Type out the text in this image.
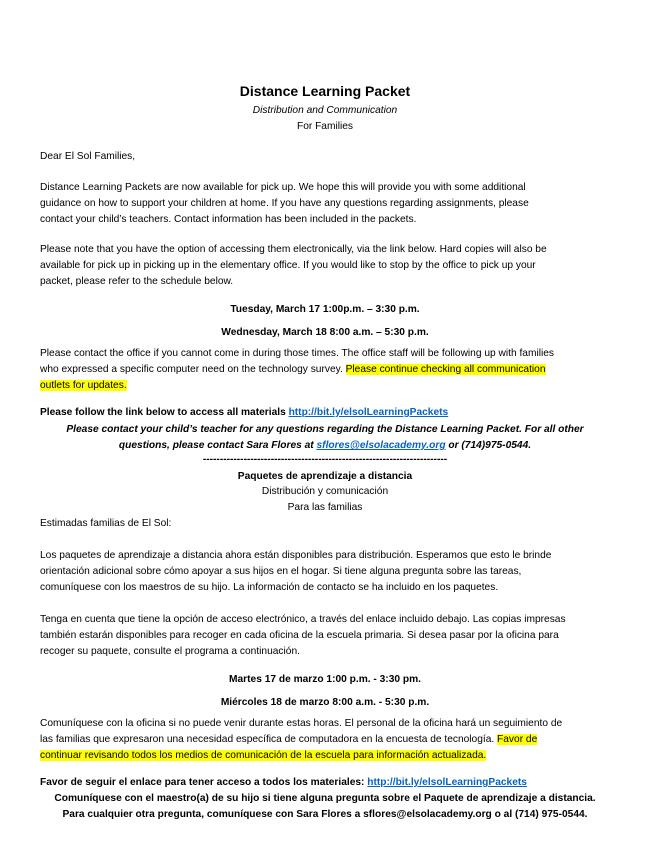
Distance Learning Packet
Distribution and Communication
For Families
Dear El Sol Families,
Distance Learning Packets are now available for pick up. We hope this will provide you with some additional
guidance on how to support your children at home. If you have any questions regarding assignments, please
contact your child’s teachers. Contact information has been included in the packets.
Please note that you have the option of accessing them electronically, via the link below. Hard copies will also be
available for pick up in picking up in the elementary office. If you would like to stop by the office to pick up your
packet, please refer to the schedule below.
Tuesday, March 17 1:00p.m. – 3:30 p.m.
Wednesday, March 18 8:00 a.m. – 5:30 p.m.
Please contact the office if you cannot come in during those times. The office staff will be following up with families
who expressed a specific computer need on the technology survey. Please continue checking all communication
outlets for updates.
Please follow the link below to access all materials http://bit.ly/elsolLearningPackets
Please contact your child’s teacher for any questions regarding the Distance Learning Packet. For all other
questions, please contact Sara Flores at sflores@elsolacademy.org or (714)975-0544.
------------------------------------------------------------------------
Paquetes de aprendizaje a distancia
Distribución y comunicación
Para las familias
Estimadas familias de El Sol:
Los paquetes de aprendizaje a distancia ahora están disponibles para distribución. Esperamos que esto le brinde
orientación adicional sobre cómo apoyar a sus hijos en el hogar. Si tiene alguna pregunta sobre las tareas,
comuníquese con los maestros de su hijo. La información de contacto se ha incluido en los paquetes.
Tenga en cuenta que tiene la opción de acceso electrónico, a través del enlace incluido debajo. Las copias impresas
también estarán disponibles para recoger en cada oficina de la escuela primaria. Si desea pasar por la oficina para
recoger su paquete, consulte el programa a continuación.
Martes 17 de marzo 1:00 p.m. - 3:30 pm.
Miércoles 18 de marzo 8:00 a.m. - 5:30 p.m.
Comuníquese con la oficina si no puede venir durante estas horas. El personal de la oficina hará un seguimiento de
las familias que expresaron una necesidad específica de computadora en la encuesta de tecnología. Favor de
continuar revisando todos los medios de comunicación de la escuela para información actualizada.
Favor de seguir el enlace para tener acceso a todos los materiales: http://bit.ly/elsolLearningPackets
Comuníquese con el maestro(a) de su hijo si tiene alguna pregunta sobre el Paquete de aprendizaje a distancia.
Para cualquier otra pregunta, comuníquese con Sara Flores a sflores@elsolacademy.org o al (714) 975-0544.
